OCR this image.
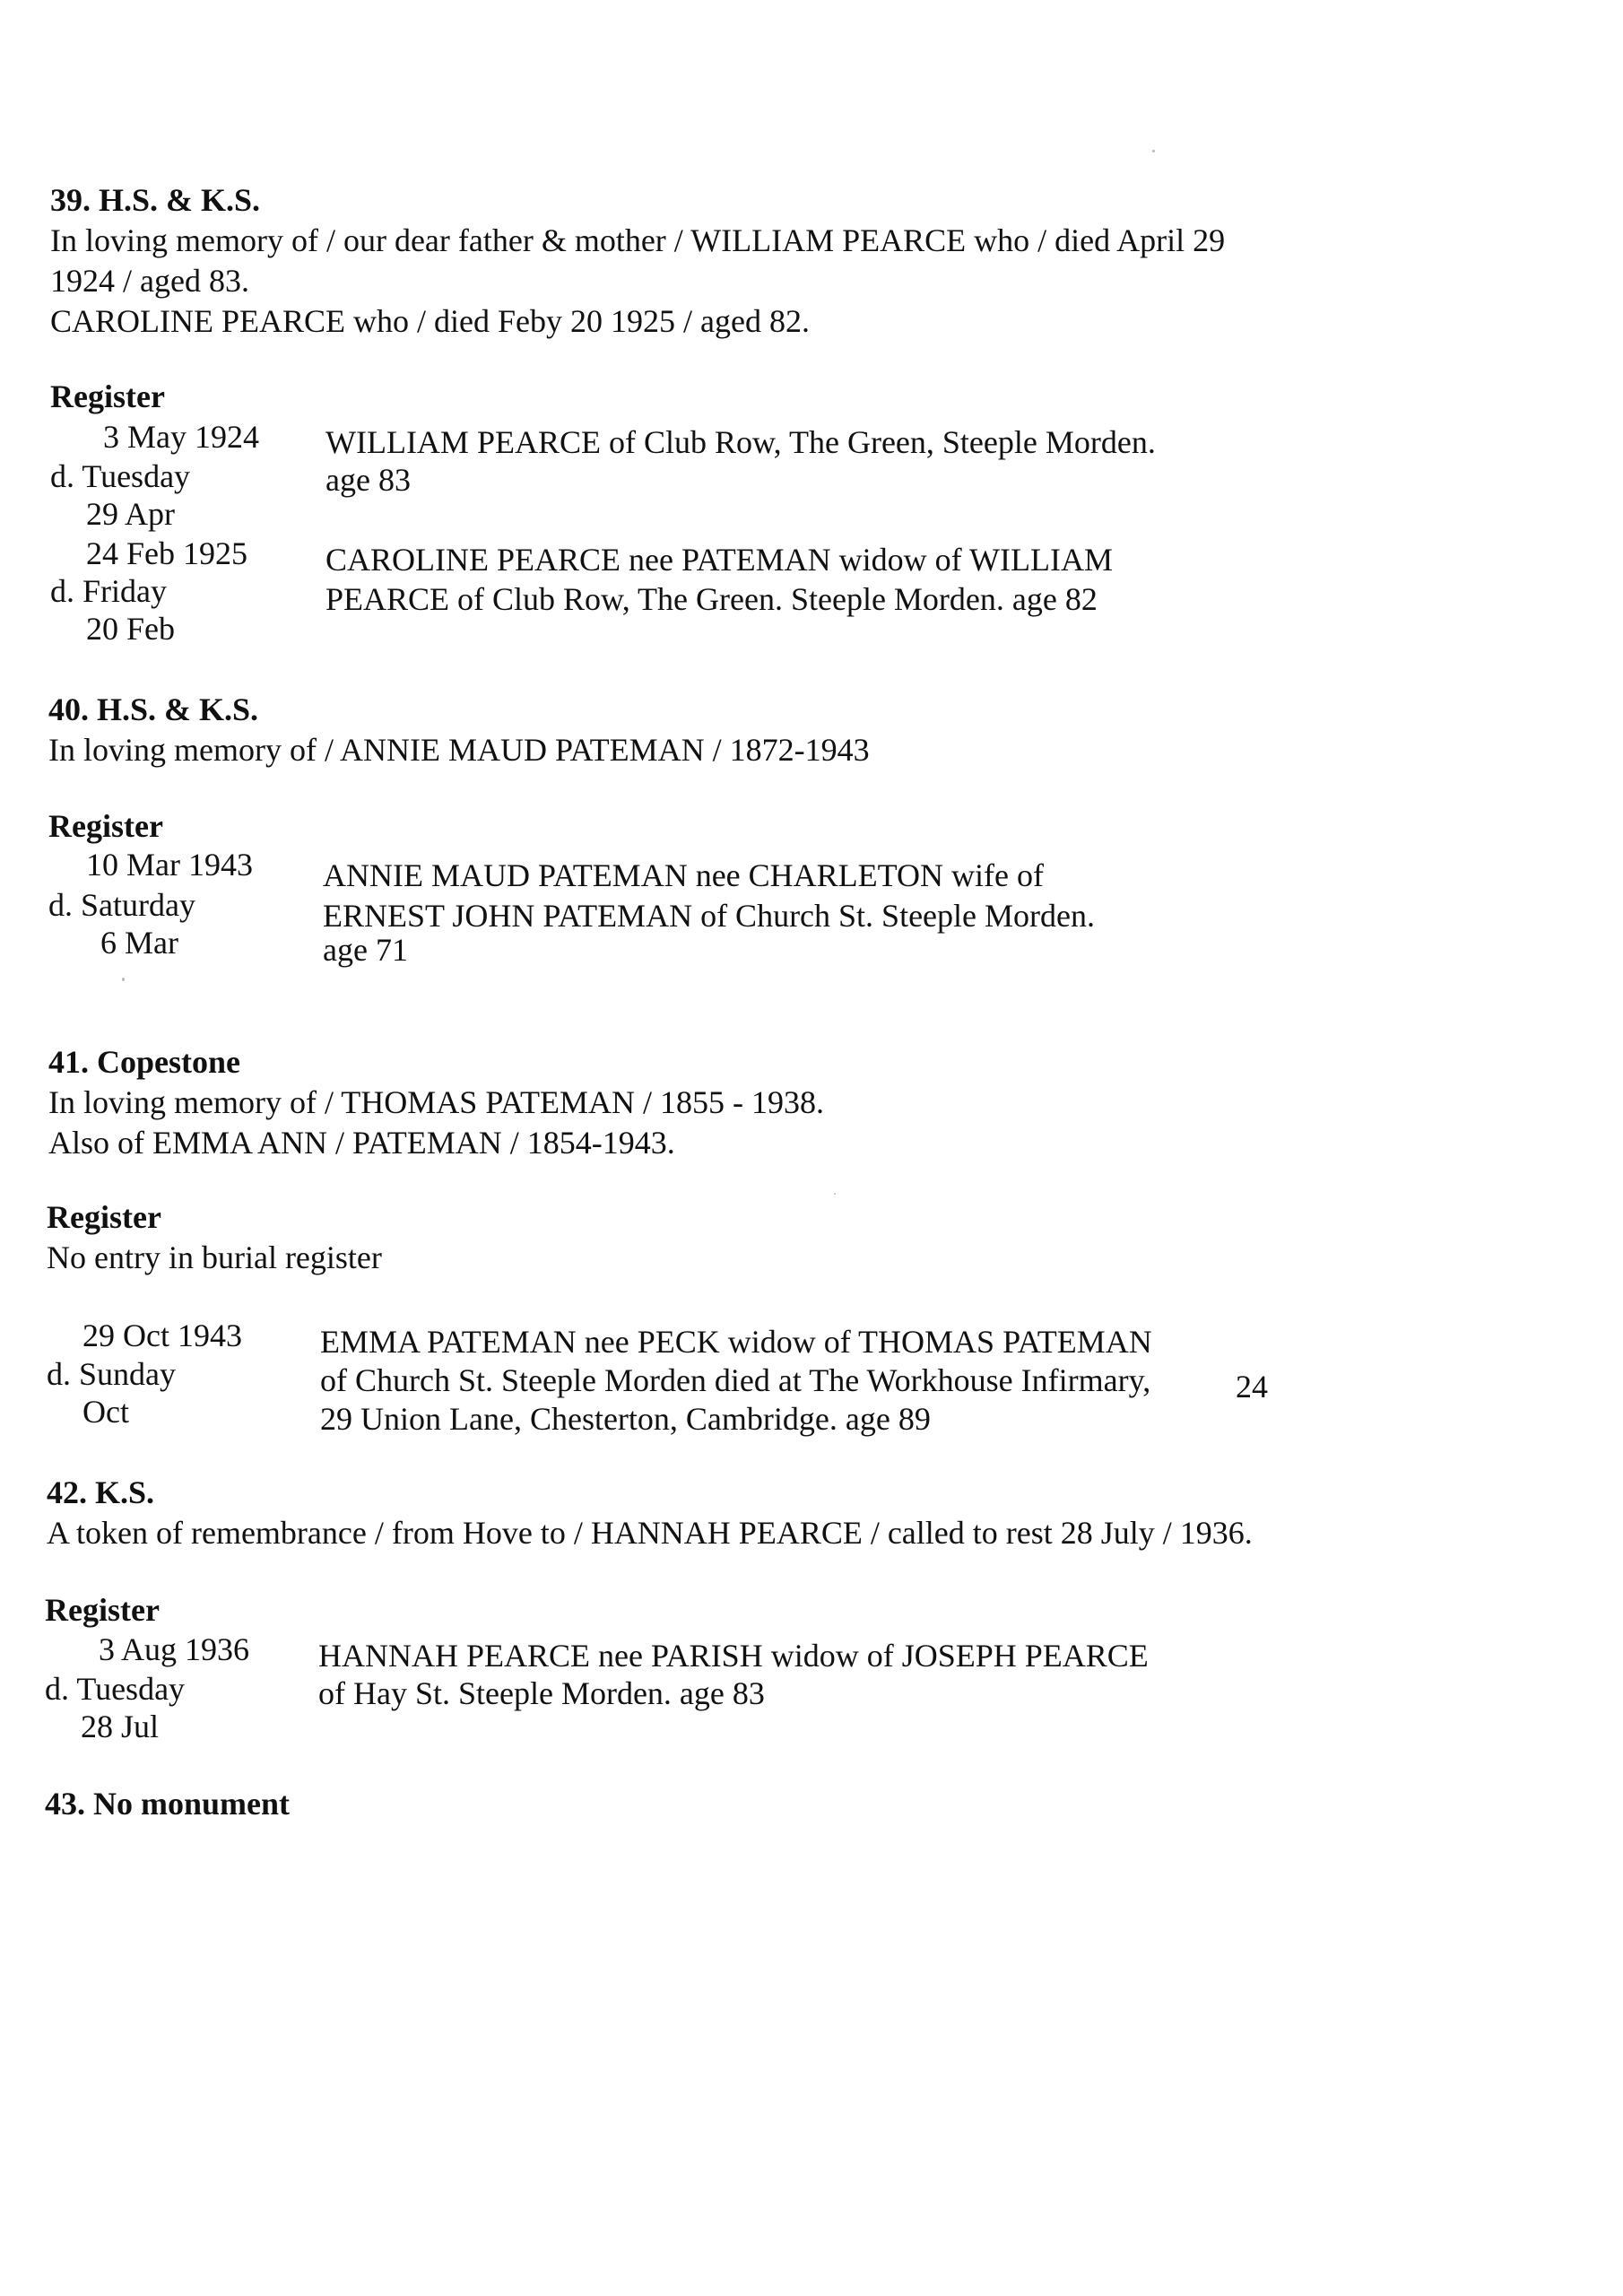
39. H.S. & K.S.
In loving memory of / our dear father & mother / WILLIAM PEARCE who / died April 29
1924 / aged 83.
CAROLINE PEARCE who / died Feby 20 1925 / aged 82.
Register
3 May 1924
d. Tuesday
29 Apr
WILLIAM PEARCE of Club Row, The Green, Steeple Morden.
age 83
24 Feb 1925
d. Friday
20 Feb
CAROLINE PEARCE nee PATEMAN widow of WILLIAM
PEARCE of Club Row, The Green. Steeple Morden. age 82
40. H.S. & K.S.
In loving memory of / ANNIE MAUD PATEMAN / 1872-1943
Register
10 Mar 1943
d. Saturday
6 Mar
ANNIE MAUD PATEMAN nee CHARLETON wife of
ERNEST JOHN PATEMAN of Church St. Steeple Morden.
age 71
41. Copestone
In loving memory of / THOMAS PATEMAN / 1855 - 1938.
Also of EMMA ANN / PATEMAN / 1854-1943.
Register
No entry in burial register
29 Oct 1943
d. Sunday
Oct
EMMA PATEMAN nee PECK widow of THOMAS PATEMAN
of Church St. Steeple Morden died at The Workhouse Infirmary,
29 Union Lane, Chesterton, Cambridge. age 89
24
42. K.S.
A token of remembrance / from Hove to / HANNAH PEARCE / called to rest 28 July / 1936.
Register
3 Aug 1936
d. Tuesday
28 Jul
HANNAH PEARCE nee PARISH widow of JOSEPH PEARCE
of Hay St. Steeple Morden. age 83
43. No monument
